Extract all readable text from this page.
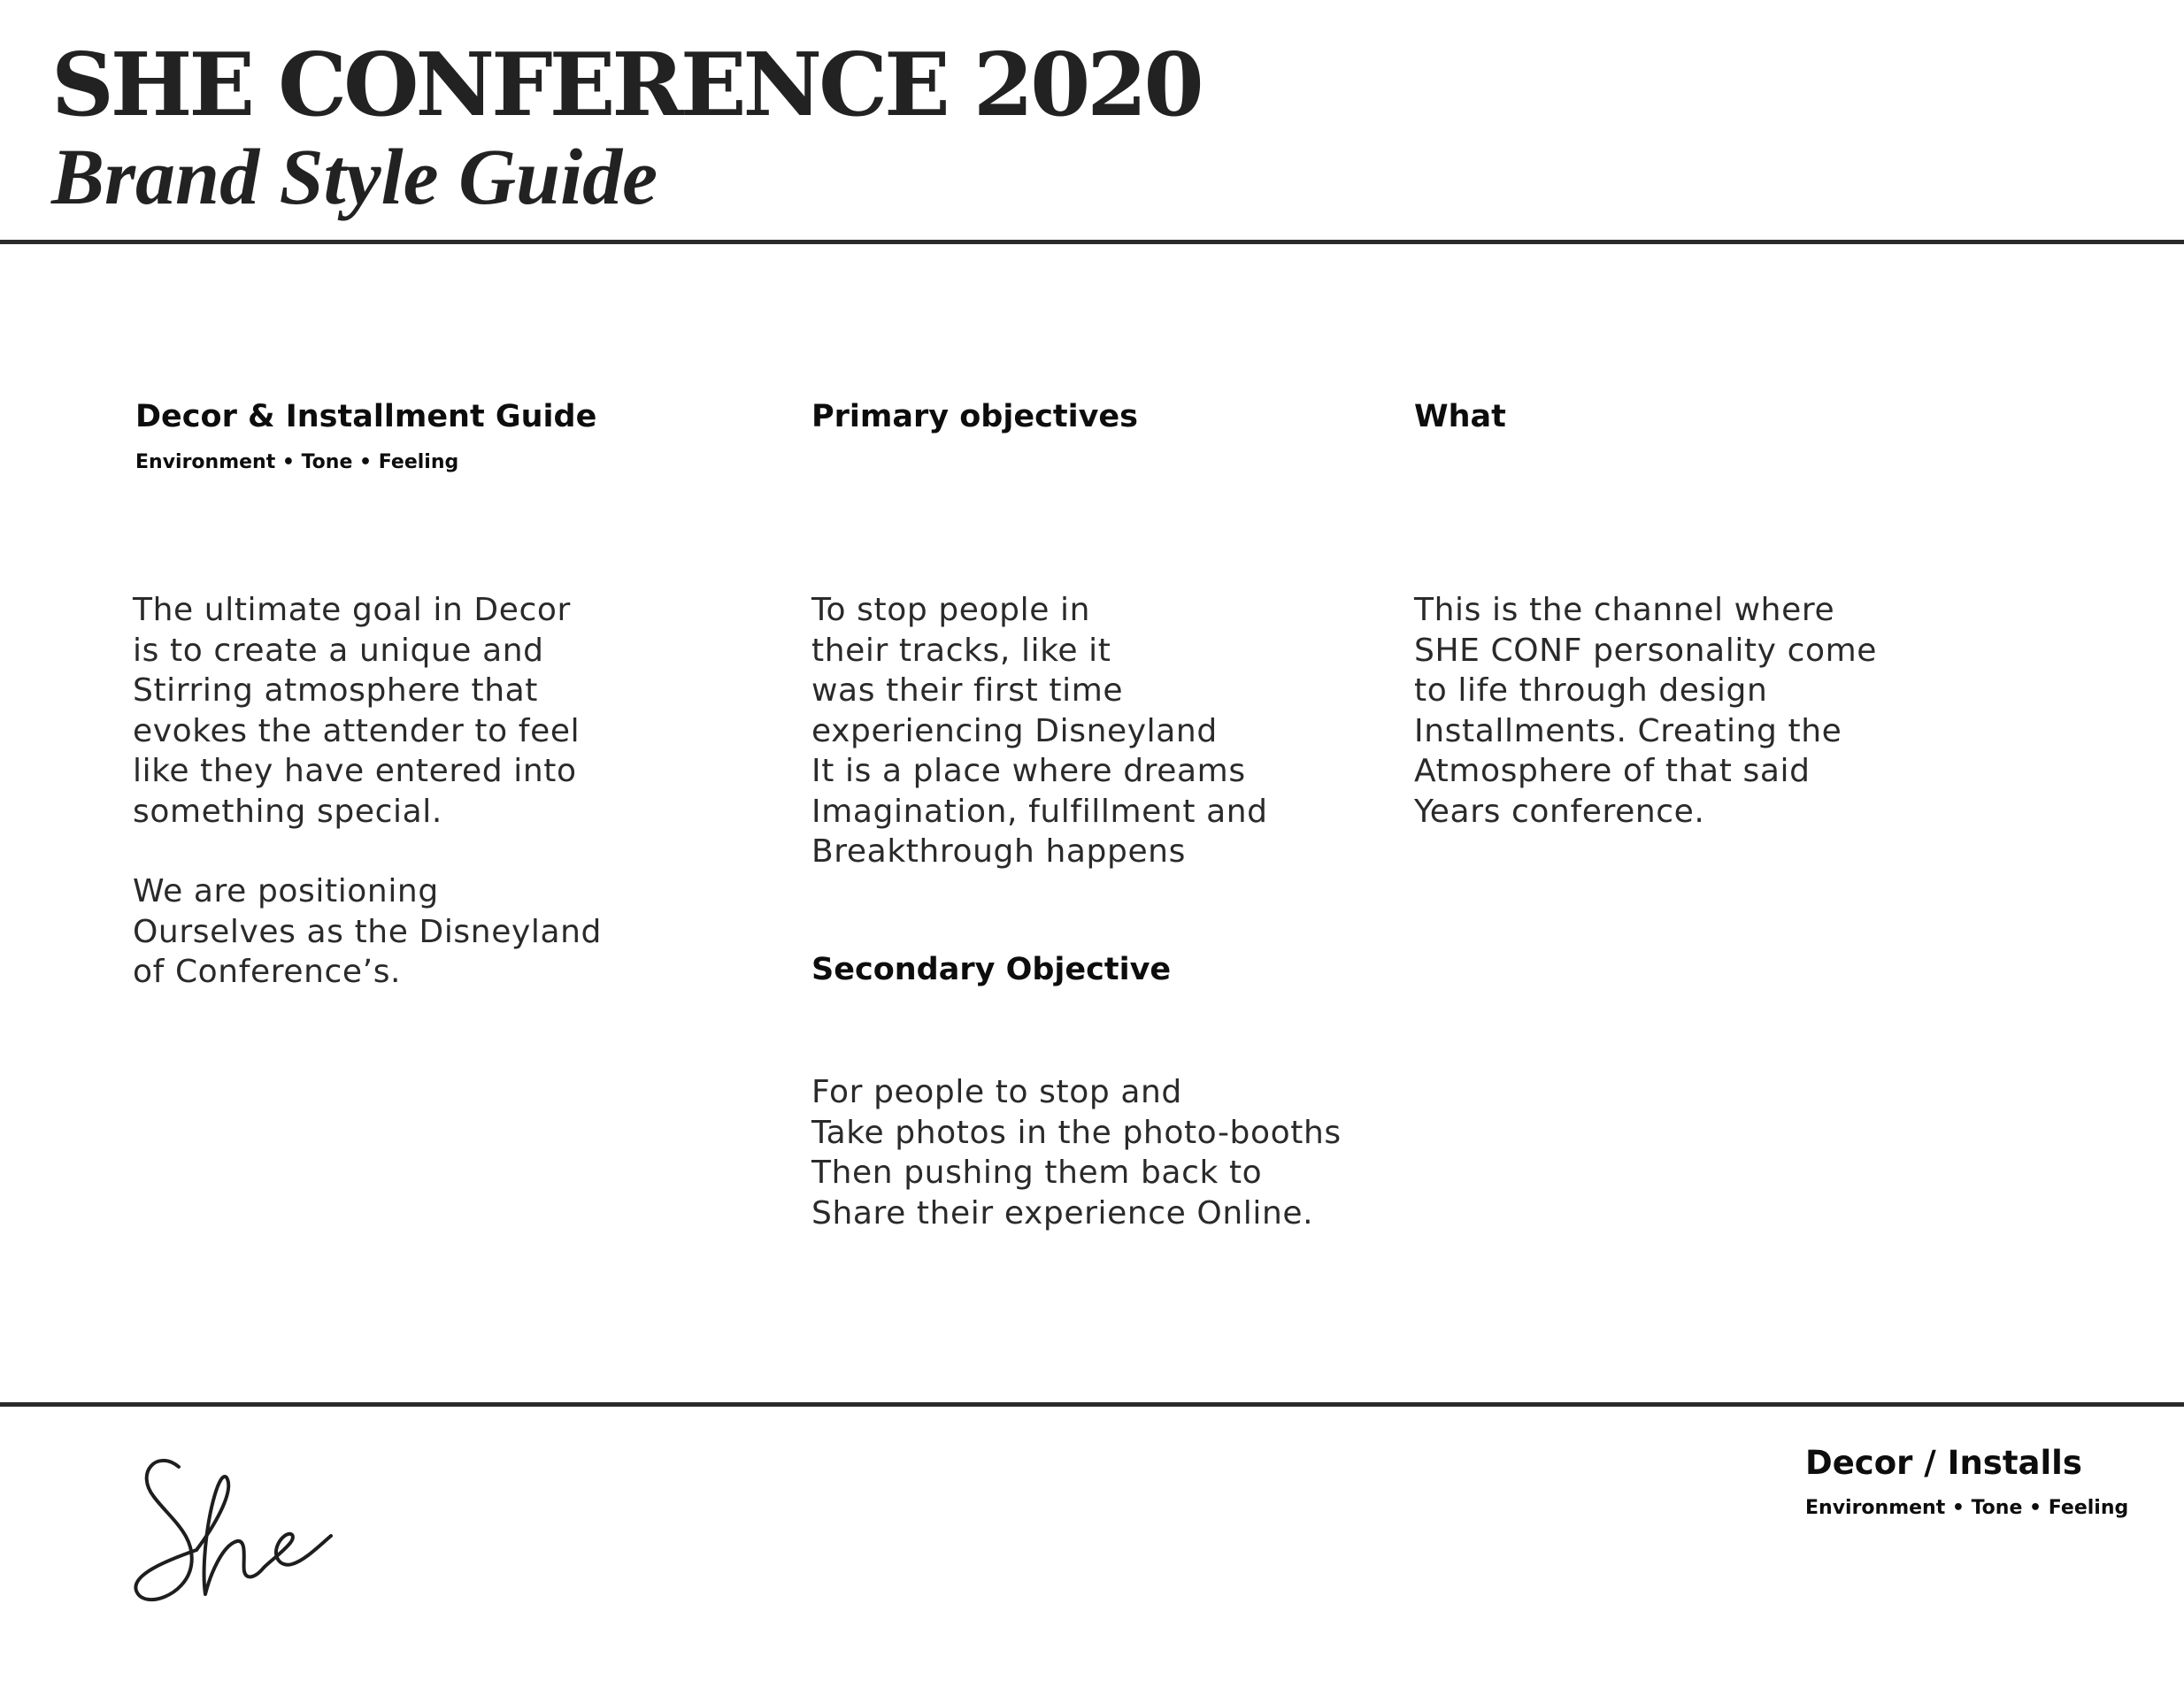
SHE CONFERENCE 2020
Brand Style Guide
Decor & Installment Guide
Environment • Tone • Feeling
The ultimate goal in Decor
is to create a unique and
Stirring atmosphere that
evokes the attender to feel
like they have entered into
something special.
We are positioning
Ourselves as the Disneyland
of Conference’s.
Primary objectives
To stop people in
their tracks, like it
was their first time
experiencing Disneyland
It is a place where dreams
Imagination, fulfillment and
Breakthrough happens
Secondary Objective
For people to stop and
Take photos in the photo-booths
Then pushing them back to
Share their experience Online.
What
This is the channel where
SHE CONF personality come
to life through design
Installments. Creating the
Atmosphere of that said
Years conference.
Decor / Installs
Environment • Tone • Feeling
